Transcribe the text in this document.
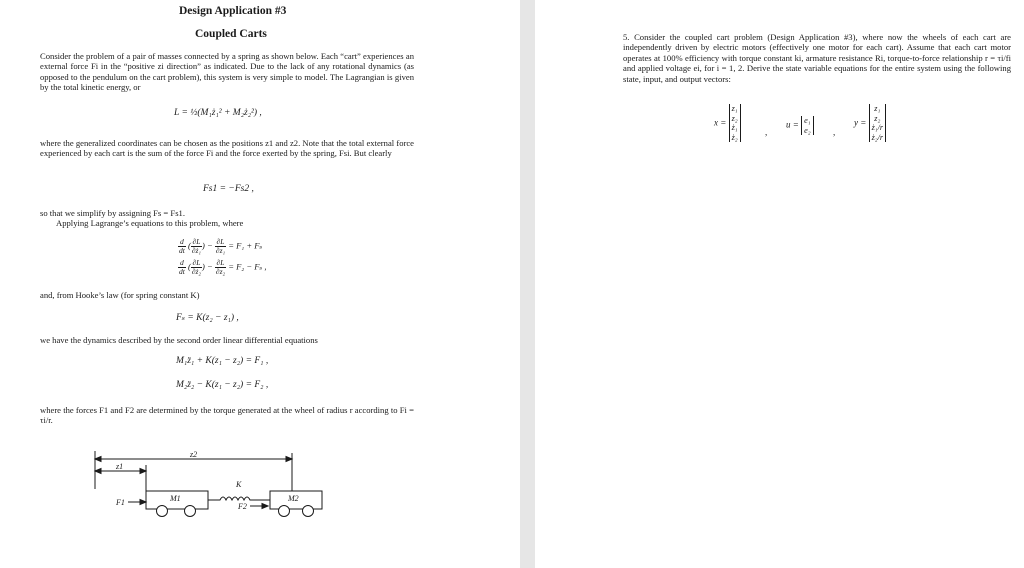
Design Application #3
Coupled Carts
Consider the problem of a pair of masses connected by a spring as shown below. Each “cart” experiences an external force Fi in the “positive zi direction” as indicated. Due to the lack of any rotational dynamics (as opposed to the pendulum on the cart problem), this system is very simple to model. The Lagrangian is given by the total kinetic energy, or
L = ½(M₁ż₁² + M₂ż₂²) ,
where the generalized coordinates can be chosen as the positions z1 and z2. Note that the total external force experienced by each cart is the sum of the force Fi and the force exerted by the spring, Fsi. But clearly
Fs1 = −Fs2 ,
so that we simplify by assigning Fs = Fs1.
Applying Lagrange’s equations to this problem, where
$\frac{d}{dt}$ ( $\frac{\partial L}{\text{∂ż₁}}$ ) − $\frac{\partial L}{\text{∂z₁}} = F_1 + F_s$
$\frac{d}{dt}$ ( $\frac{\partial L}{\text{∂ż₂}}$ ) − $\frac{\partial L}{\text{∂z₂}} = F_2 - F_s$ ,
and, from Hooke’s law (for spring constant K)
Fₛ = K(z₂ − z₁) ,
we have the dynamics described by the second order linear differential equations
M₁z̈₁ + K(z₁ − z₂) = F₁ ,
M₂z̈₂ − K(z₁ − z₂) = F₂ ,
where the forces F1 and F2 are determined by the torque generated at the wheel of radius r according to Fi = τi/r.
z2
z1
K
M1	M2
F1	F2
5. Consider the coupled cart problem (Design Application #3), where now the wheels of each cart are independently driven by electric motors (effectively one motor for each cart). Assume that each cart motor operates at 100% efficiency with torque constant ki, armature resistance Ri, torque-to-force relationship r = τi/fi and applied voltage ei, for i = 1, 2. Derive the state variable equations for the entire system using the following state, input, and output vectors:
x =
z₁
z₂
ż₁
ż₂
,
u = e₁
e₂ ,
y =
z₁
z₂
ż₁/r
ż₂/r
